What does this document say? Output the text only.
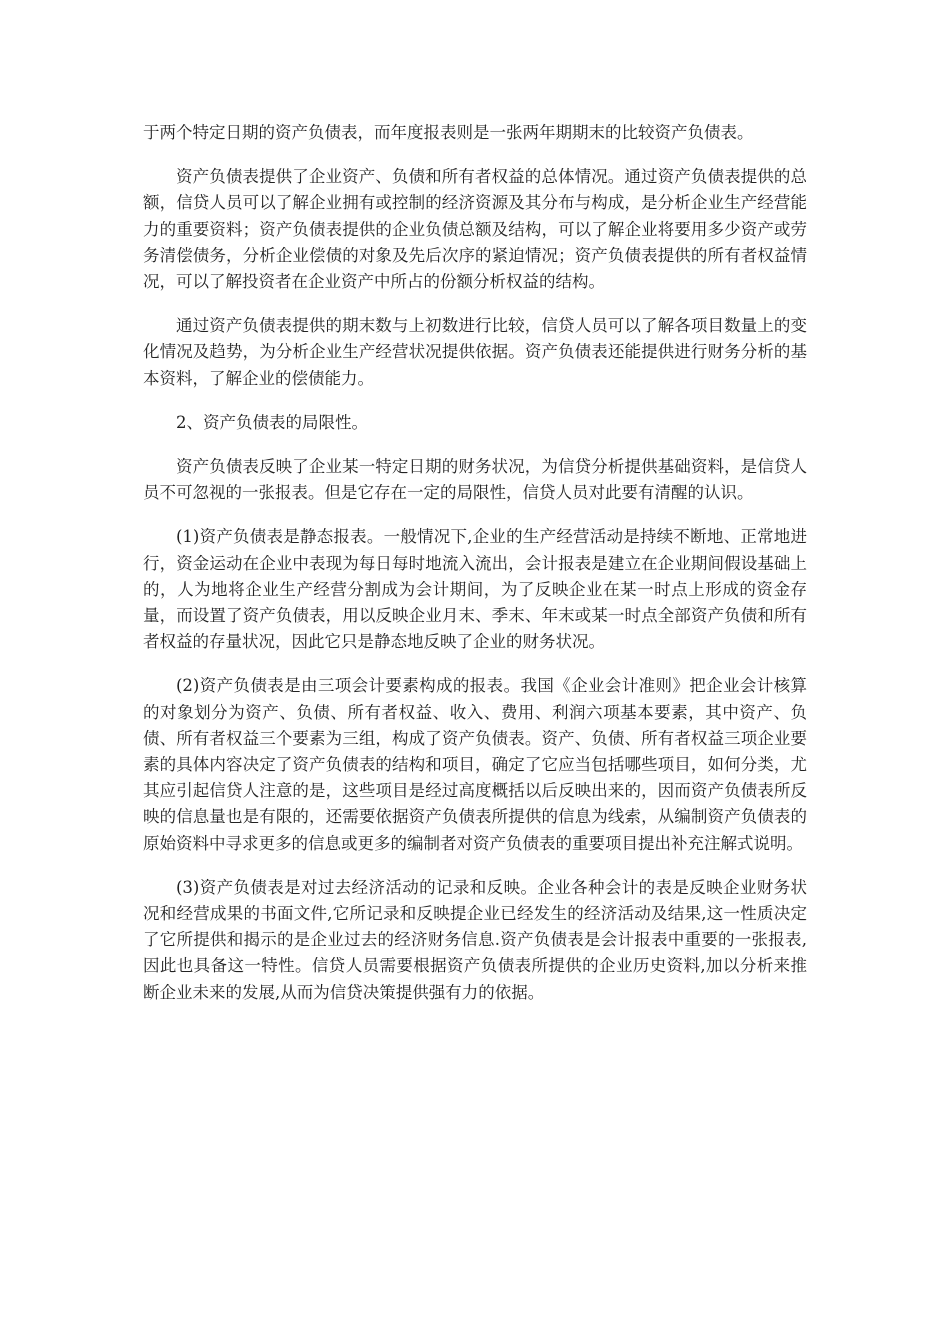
于两个特定日期的资产负债表，而年度报表则是一张两年期期末的比较资产负债表。

资产负债表提供了企业资产、负债和所有者权益的总体情况。通过资产负债表提供的总额，信贷人员可以了解企业拥有或控制的经济资源及其分布与构成，是分析企业生产经营能力的重要资料；资产负债表提供的企业负债总额及结构，可以了解企业将要用多少资产或劳务清偿债务，分析企业偿债的对象及先后次序的紧迫情况；资产负债表提供的所有者权益情况，可以了解投资者在企业资产中所占的份额分析权益的结构。

通过资产负债表提供的期末数与上初数进行比较，信贷人员可以了解各项目数量上的变化情况及趋势，为分析企业生产经营状况提供依据。资产负债表还能提供进行财务分析的基本资料，了解企业的偿债能力。

2、资产负债表的局限性。

资产负债表反映了企业某一特定日期的财务状况，为信贷分析提供基础资料，是信贷人员不可忽视的一张报表。但是它存在一定的局限性，信贷人员对此要有清醒的认识。

(1)资产负债表是静态报表。一般情况下,企业的生产经营活动是持续不断地、正常地进行，资金运动在企业中表现为每日每时地流入流出，会计报表是建立在企业期间假设基础上的，人为地将企业生产经营分割成为会计期间，为了反映企业在某一时点上形成的资金存量，而设置了资产负债表，用以反映企业月末、季末、年末或某一时点全部资产负债和所有者权益的存量状况，因此它只是静态地反映了企业的财务状况。

(2)资产负债表是由三项会计要素构成的报表。我国《企业会计准则》把企业会计核算的对象划分为资产、负债、所有者权益、收入、费用、利润六项基本要素，其中资产、负债、所有者权益三个要素为三组，构成了资产负债表。资产、负债、所有者权益三项企业要素的具体内容决定了资产负债表的结构和项目，确定了它应当包括哪些项目，如何分类，尤其应引起信贷人注意的是，这些项目是经过高度概括以后反映出来的，因而资产负债表所反映的信息量也是有限的，还需要依据资产负债表所提供的信息为线索，从编制资产负债表的原始资料中寻求更多的信息或更多的编制者对资产负债表的重要项目提出补充注解式说明。

(3)资产负债表是对过去经济活动的记录和反映。企业各种会计的表是反映企业财务状况和经营成果的书面文件,它所记录和反映提企业已经发生的经济活动及结果,这一性质决定了它所提供和揭示的是企业过去的经济财务信息.资产负债表是会计报表中重要的一张报表,因此也具备这一特性。信贷人员需要根据资产负债表所提供的企业历史资料,加以分析来推断企业未来的发展,从而为信贷决策提供强有力的依据。
